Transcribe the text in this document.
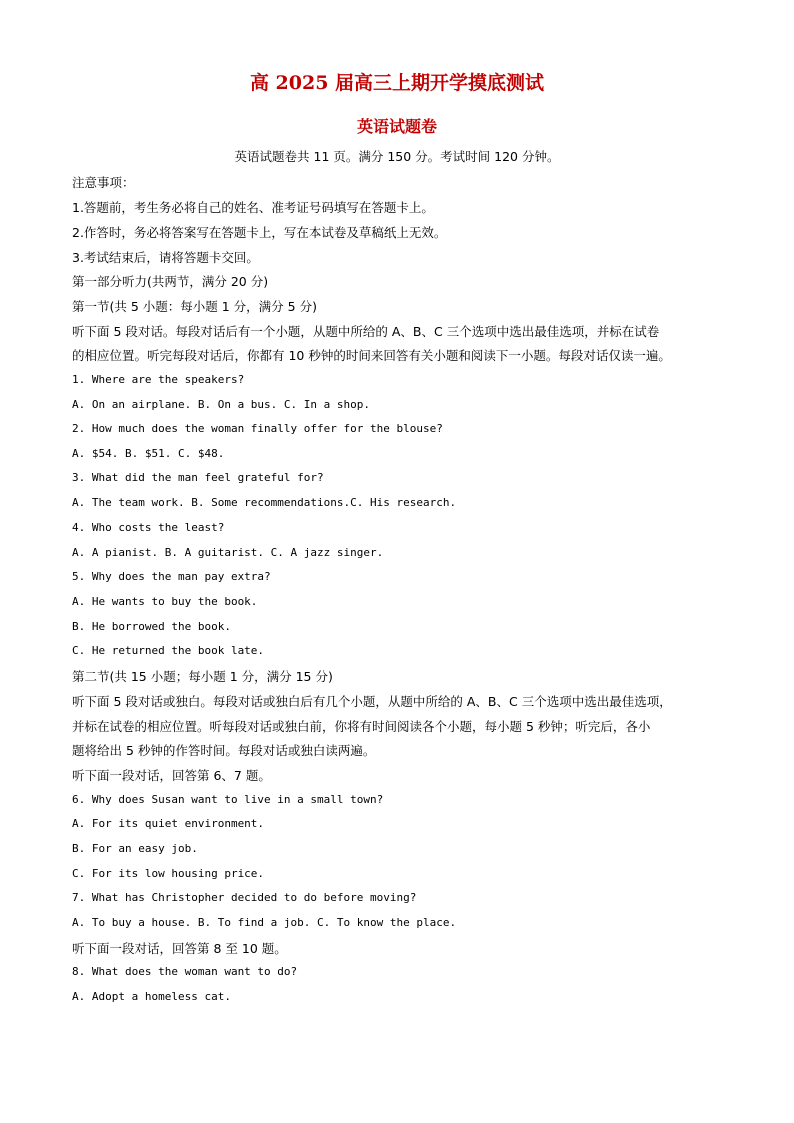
高 2025 届高三上期开学摸底测试
英语试题卷
英语试题卷共 11 页。满分 150 分。考试时间 120 分钟。
注意事项：
1.答题前，考生务必将自己的姓名、准考证号码填写在答题卡上。
2.作答时，务必将答案写在答题卡上，写在本试卷及草稿纸上无效。
3.考试结束后，请将答题卡交回。
第一部分听力(共两节，满分 20 分)
第一节(共 5 小题：每小题 1 分，满分 5 分)
听下面 5 段对话。每段对话后有一个小题，从题中所给的 A、B、C 三个选项中选出最佳选项，并标在试卷
的相应位置。听完每段对话后，你都有 10 秒钟的时间来回答有关小题和阅读下一小题。每段对话仅读一遍。
1. Where are the speakers?
A. On an airplane. B. On a bus. C. In a shop.
2. How much does the woman finally offer for the blouse?
A. $54. B. $51. C. $48.
3. What did the man feel grateful for?
A. The team work. B. Some recommendations.C. His research.
4. Who costs the least?
A. A pianist. B. A guitarist. C. A jazz singer.
5. Why does the man pay extra?
A. He wants to buy the book.
B. He borrowed the book.
C. He returned the book late.
第二节(共 15 小题；每小题 1 分，满分 15 分)
听下面 5 段对话或独白。每段对话或独白后有几个小题，从题中所给的 A、B、C 三个选项中选出最佳选项，
并标在试卷的相应位置。听每段对话或独白前，你将有时间阅读各个小题，每小题 5 秒钟；听完后，各小
题将给出 5 秒钟的作答时间。每段对话或独白读两遍。
听下面一段对话，回答第 6、7 题。
6. Why does Susan want to live in a small town?
A. For its quiet environment.
B. For an easy job.
C. For its low housing price.
7. What has Christopher decided to do before moving?
A. To buy a house. B. To find a job. C. To know the place.
听下面一段对话，回答第 8 至 10 题。
8. What does the woman want to do?
A. Adopt a homeless cat.
